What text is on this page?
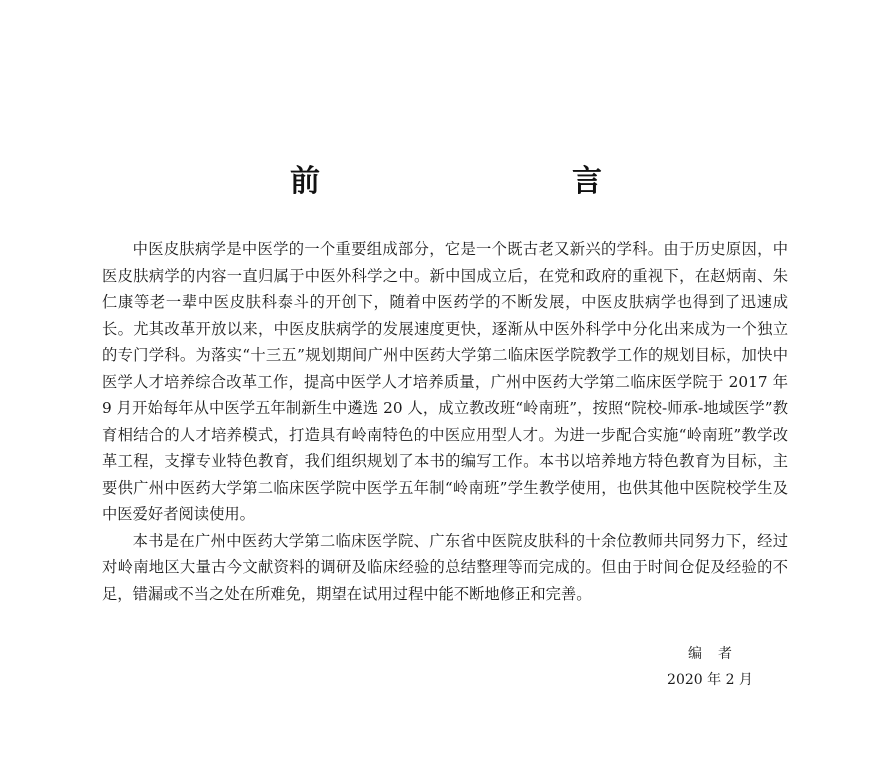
前　　言

中医皮肤病学是中医学的一个重要组成部分，它是一个既古老又新兴的学科。由于历史原因，中医皮肤病学的内容一直归属于中医外科学之中。新中国成立后，在党和政府的重视下，在赵炳南、朱仁康等老一辈中医皮肤科泰斗的开创下，随着中医药学的不断发展，中医皮肤病学也得到了迅速成长。尤其改革开放以来，中医皮肤病学的发展速度更快，逐渐从中医外科学中分化出来成为一个独立的专门学科。为落实“十三五”规划期间广州中医药大学第二临床医学院教学工作的规划目标，加快中医学人才培养综合改革工作，提高中医学人才培养质量，广州中医药大学第二临床医学院于 2017 年 9 月开始每年从中医学五年制新生中遴选 20 人，成立教改班“岭南班”，按照“院校-师承-地域医学”教育相结合的人才培养模式，打造具有岭南特色的中医应用型人才。为进一步配合实施“岭南班”教学改革工程，支撑专业特色教育，我们组织规划了本书的编写工作。本书以培养地方特色教育为目标，主要供广州中医药大学第二临床医学院中医学五年制“岭南班”学生教学使用，也供其他中医院校学生及中医爱好者阅读使用。

本书是在广州中医药大学第二临床医学院、广东省中医院皮肤科的十余位教师共同努力下，经过对岭南地区大量古今文献资料的调研及临床经验的总结整理等而完成的。但由于时间仓促及经验的不足，错漏或不当之处在所难免，期望在试用过程中能不断地修正和完善。

编者
2020 年 2 月
